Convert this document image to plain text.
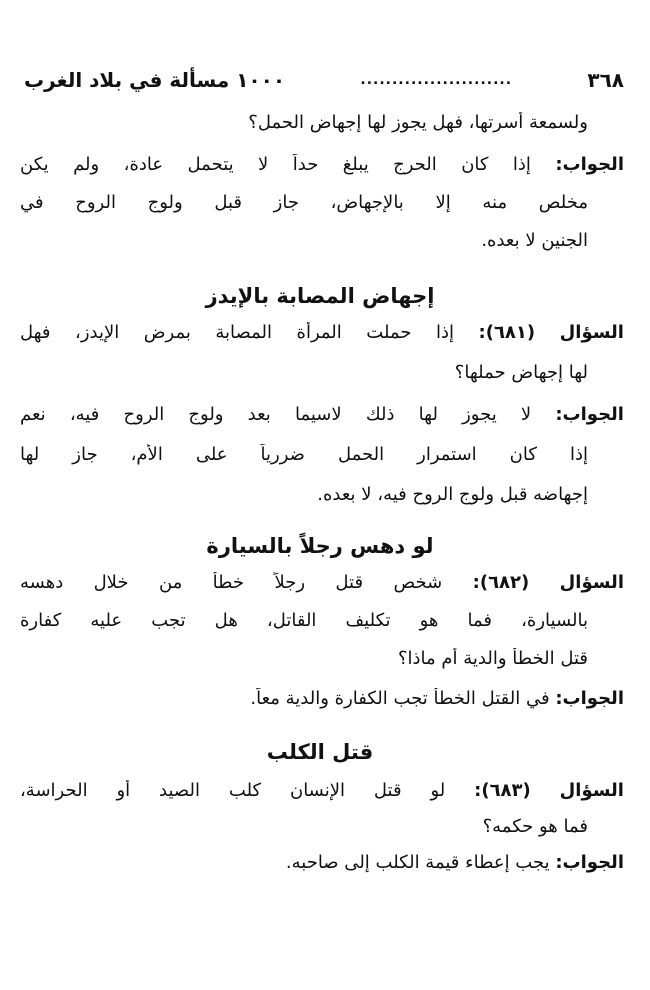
٣٦٨
........................
١٠٠٠ مسألة في بلاد الغرب
ولسمعة أسرتها، فهل يجوز لها إجهاض الحمل؟
الجواب: إذا كان الحرج يبلغ حداً لا يتحمل عادة، ولم يكن
مخلص منه إلا بالإجهاض، جاز قبل ولوج الروح في
الجنين لا بعده.
إجهاض المصابة بالإيدز
السؤال (٦٨١): إذا حملت المرأة المصابة بمرض الإيدز، فهل
لها إجهاض حملها؟
الجواب: لا يجوز لها ذلك لاسيما بعد ولوج الروح فيه، نعم
إذا كان استمرار الحمل ضررياً على الأم، جاز لها
إجهاضه قبل ولوج الروح فيه، لا بعده.
لو دهس رجلاً بالسيارة
السؤال (٦٨٢): شخص قتل رجلاً خطأ من خلال دهسه
بالسيارة، فما هو تكليف القاتل، هل تجب عليه كفارة
قتل الخطأ والدية أم ماذا؟
الجواب: في القتل الخطأ تجب الكفارة والدية معاً.
قتل الكلب
السؤال (٦٨٣): لو قتل الإنسان كلب الصيد أو الحراسة،
فما هو حكمه؟
الجواب: يجب إعطاء قيمة الكلب إلى صاحبه.
